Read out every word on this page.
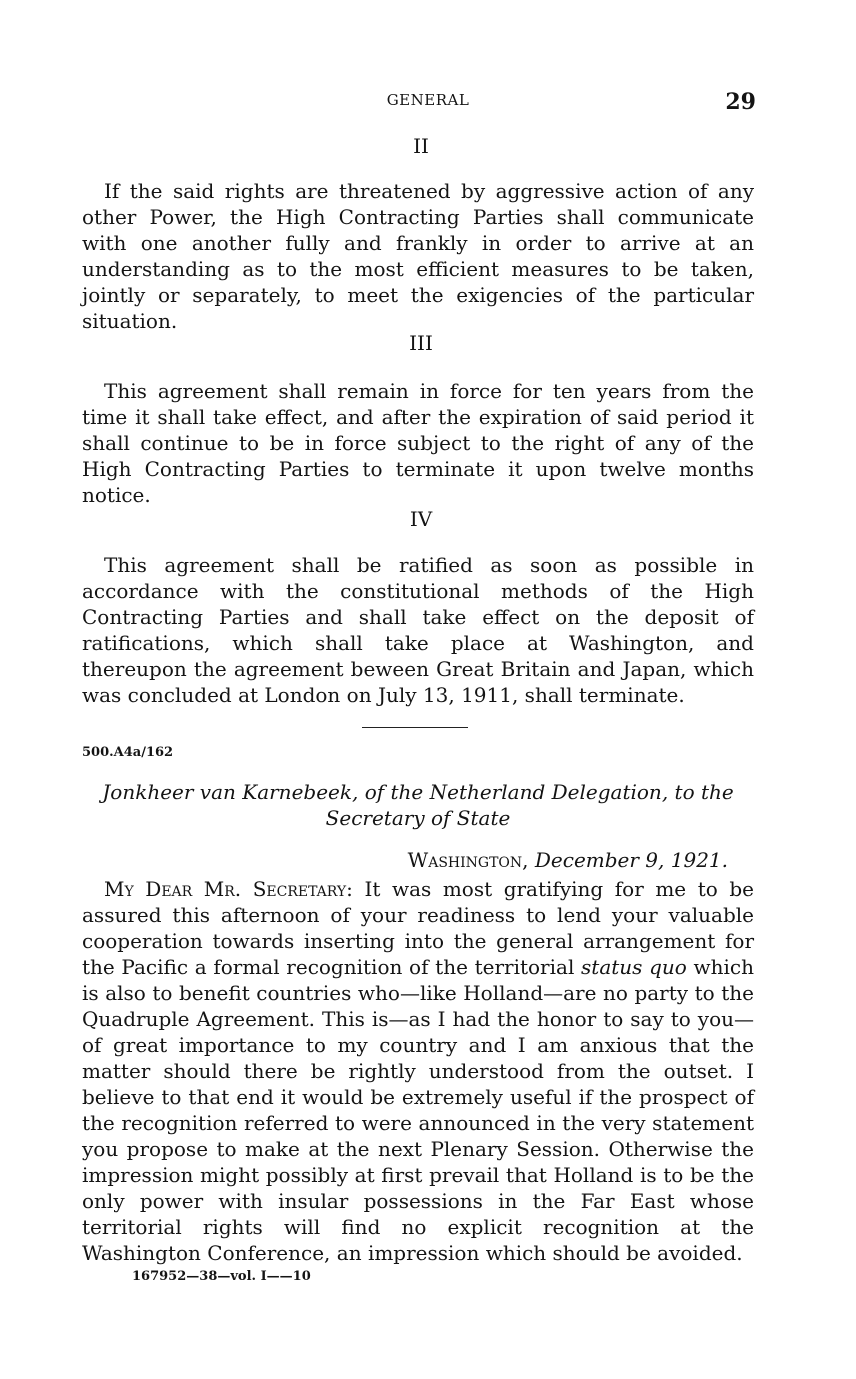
GENERAL	29
II

If the said rights are threatened by aggressive action of any other Power, the High Contracting Parties shall communicate with one another fully and frankly in order to arrive at an understanding as to the most efficient measures to be taken, jointly or separately, to meet the exigencies of the particular situation.

III

This agreement shall remain in force for ten years from the time it shall take effect, and after the expiration of said period it shall continue to be in force subject to the right of any of the High Contracting Parties to terminate it upon twelve months notice.

IV

This agreement shall be ratified as soon as possible in accordance with the constitutional methods of the High Contracting Parties and shall take effect on the deposit of ratifications, which shall take place at Washington, and thereupon the agreement beween Great Britain and Japan, which was concluded at London on July 13, 1911, shall terminate.

500.A4a/162

Jonkheer van Karnebeek, of the Netherland Delegation, to the Secretary of State

Washington, December 9, 1921.

My Dear Mr. Secretary: It was most gratifying for me to be assured this afternoon of your readiness to lend your valuable cooperation towards inserting into the general arrangement for the Pacific a formal recognition of the territorial status quo which is also to benefit countries who—like Holland—are no party to the Quadruple Agreement. This is—as I had the honor to say to you—of great importance to my country and I am anxious that the matter should there be rightly understood from the outset. I believe to that end it would be extremely useful if the prospect of the recognition referred to were announced in the very statement you propose to make at the next Plenary Session. Otherwise the impression might possibly at first prevail that Holland is to be the only power with insular possessions in the Far East whose territorial rights will find no explicit recognition at the Washington Conference, an impression which should be avoided.

167952—38—vol. I——10
